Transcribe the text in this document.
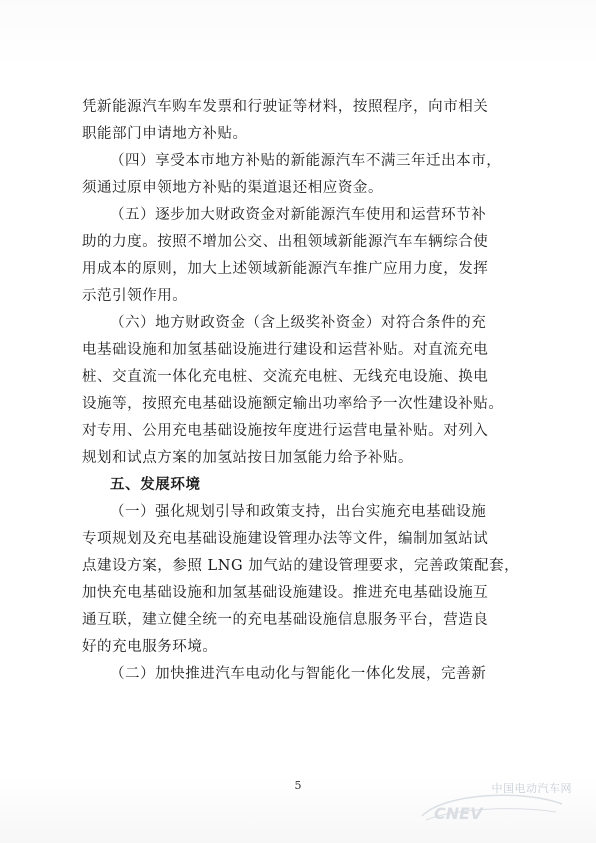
凭新能源汽车购车发票和行驶证等材料，按照程序，向市相关
职能部门申请地方补贴。
（四）享受本市地方补贴的新能源汽车不满三年迁出本市，
须通过原申领地方补贴的渠道退还相应资金。
（五）逐步加大财政资金对新能源汽车使用和运营环节补
助的力度。按照不增加公交、出租领域新能源汽车车辆综合使
用成本的原则，加大上述领域新能源汽车推广应用力度，发挥
示范引领作用。
（六）地方财政资金（含上级奖补资金）对符合条件的充
电基础设施和加氢基础设施进行建设和运营补贴。对直流充电
桩、交直流一体化充电桩、交流充电桩、无线充电设施、换电
设施等，按照充电基础设施额定输出功率给予一次性建设补贴。
对专用、公用充电基础设施按年度进行运营电量补贴。对列入
规划和试点方案的加氢站按日加氢能力给予补贴。
五、发展环境
（一）强化规划引导和政策支持，出台实施充电基础设施
专项规划及充电基础设施建设管理办法等文件，编制加氢站试
点建设方案，参照 LNG 加气站的建设管理要求，完善政策配套，
加快充电基础设施和加氢基础设施建设。推进充电基础设施互
通互联，建立健全统一的充电基础设施信息服务平台，营造良
好的充电服务环境。
（二）加快推进汽车电动化与智能化一体化发展，完善新
5
CNEV
中国电动汽车网
